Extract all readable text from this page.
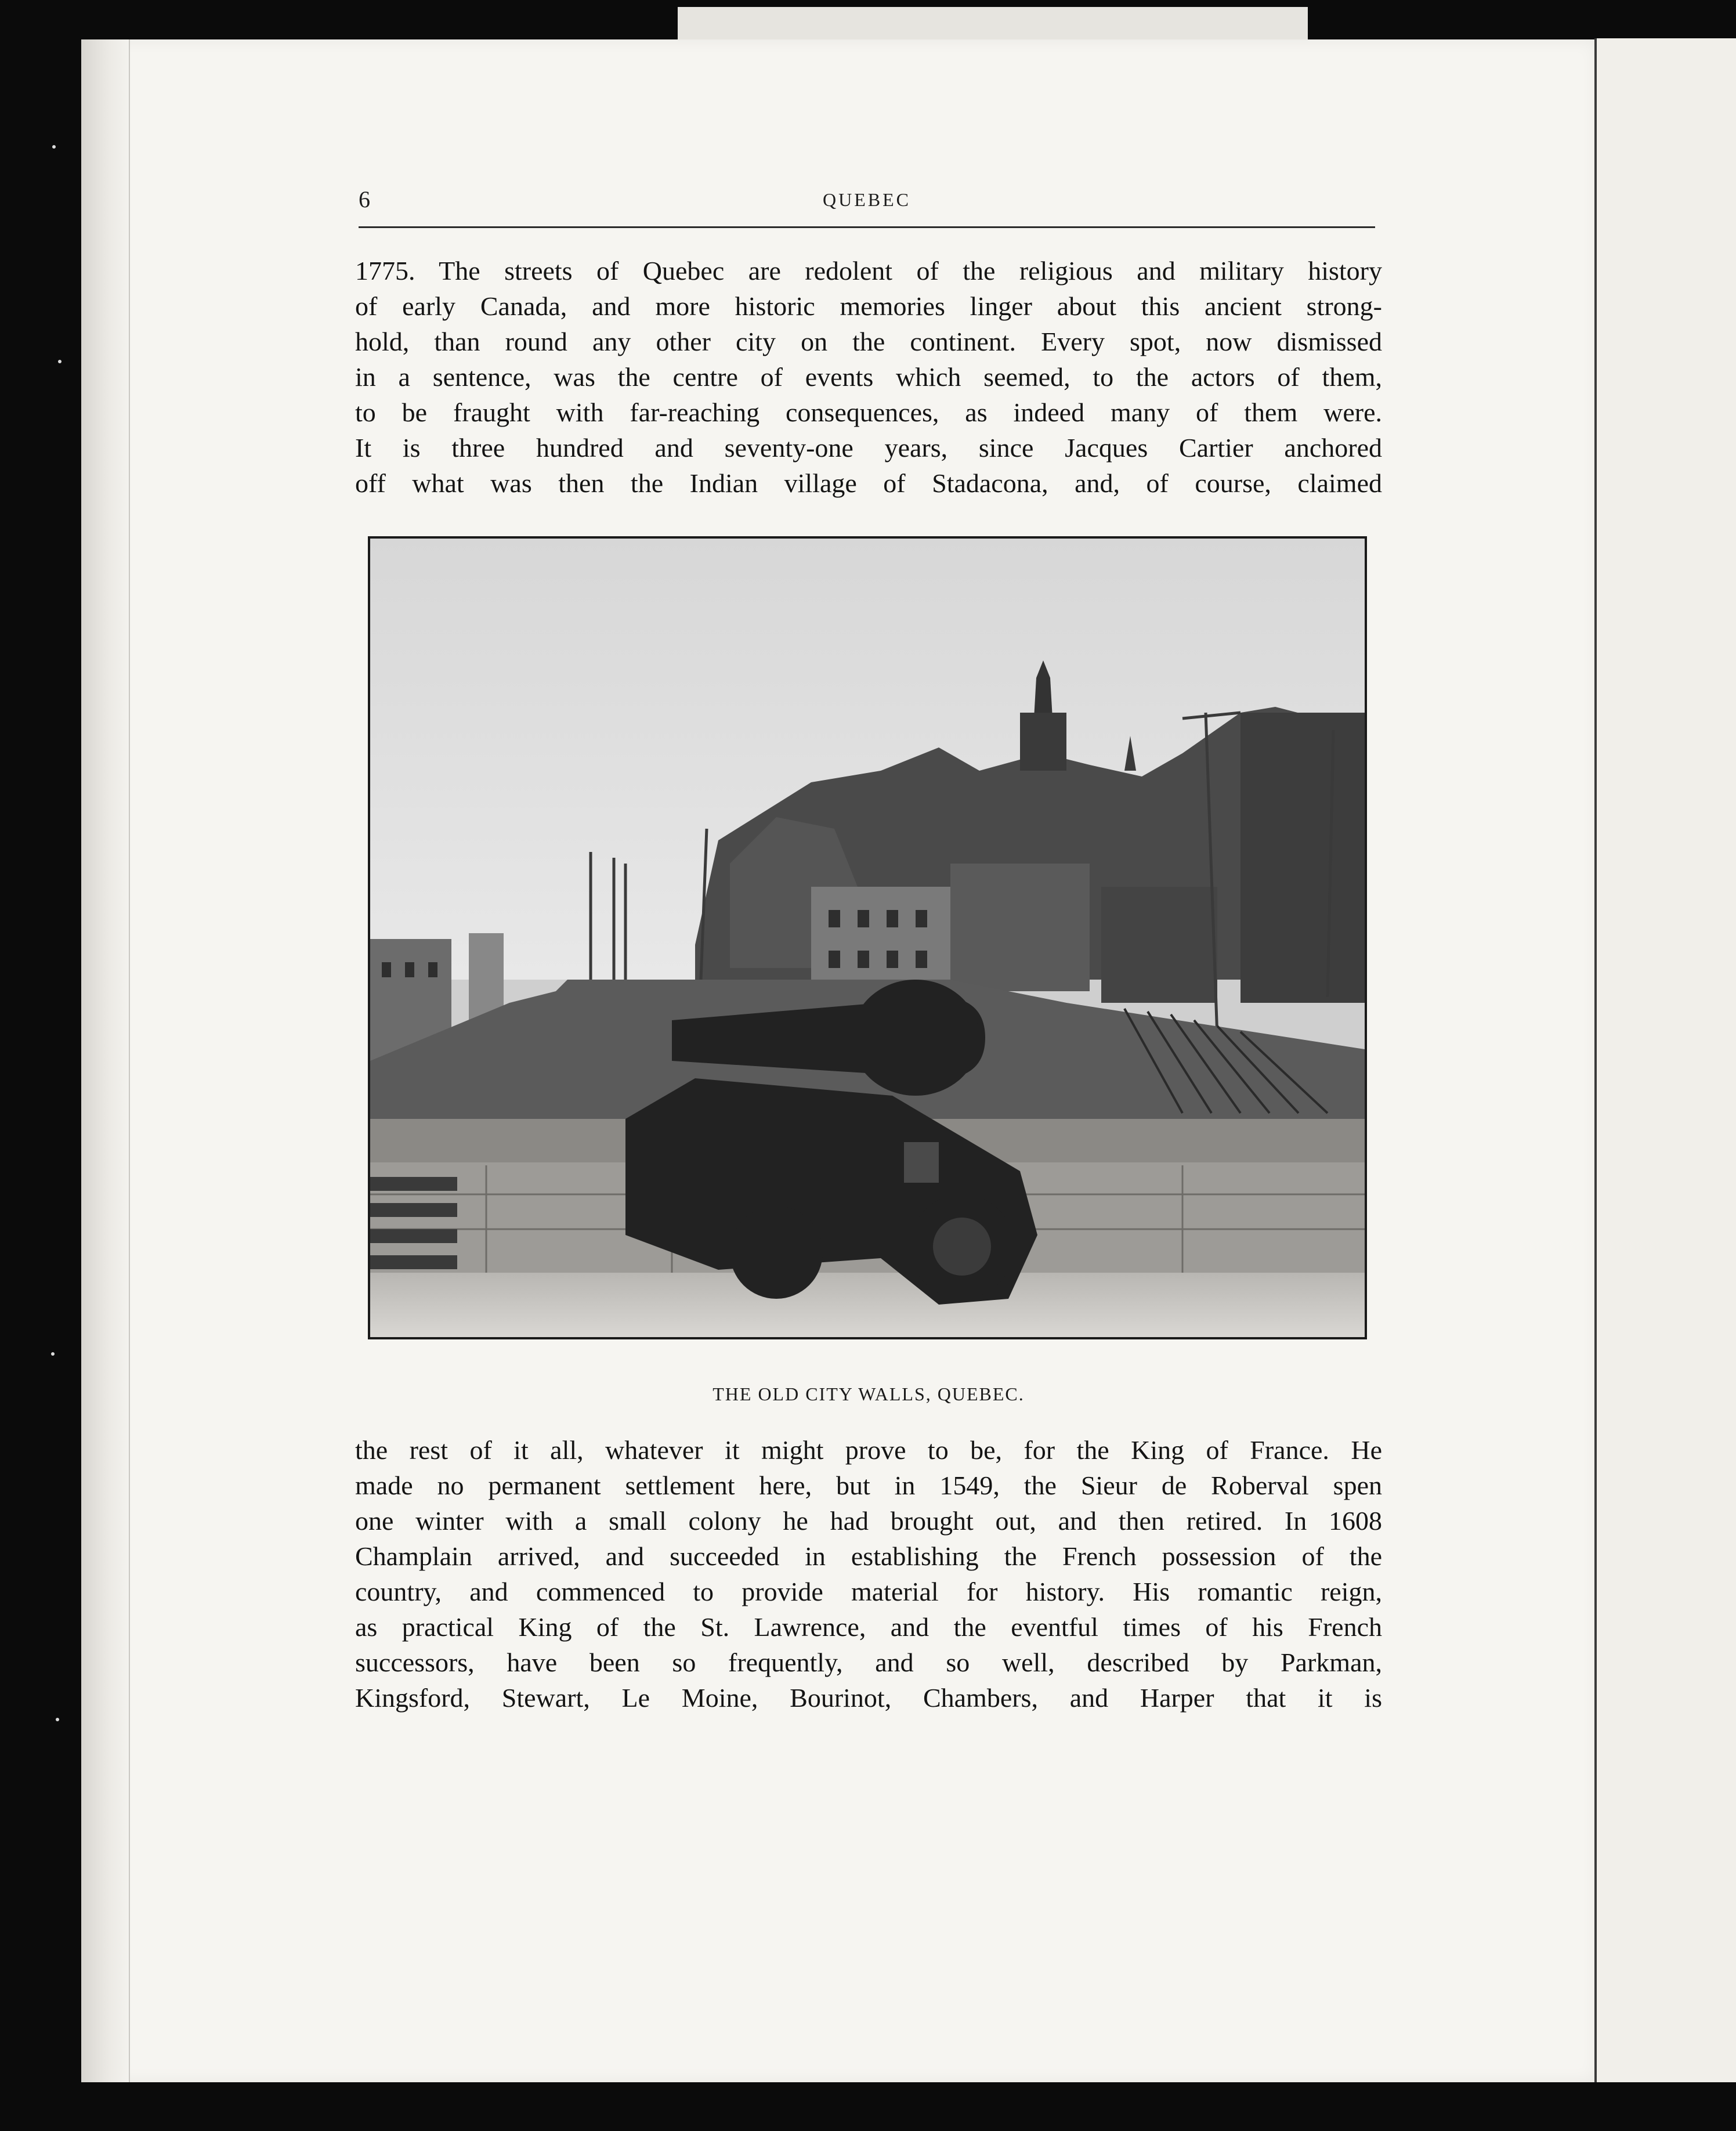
6	QUEBEC
1775. The streets of Quebec are redolent of the religious and military history
of early Canada, and more historic memories linger about this ancient strong-
hold, than round any other city on the continent. Every spot, now dismissed
in a sentence, was the centre of events which seemed, to the actors of them,
to be fraught with far-reaching consequences, as indeed many of them were.
It is three hundred and seventy-one years, since Jacques Cartier anchored
off what was then the Indian village of Stadacona, and, of course, claimed
THE OLD CITY WALLS, QUEBEC.
the rest of it all, whatever it might prove to be, for the King of France. He
made no permanent settlement here, but in 1549, the Sieur de Roberval spen
one winter with a small colony he had brought out, and then retired. In 1608
Champlain arrived, and succeeded in establishing the French possession of the
country, and commenced to provide material for history. His romantic reign,
as practical King of the St. Lawrence, and the eventful times of his French
successors, have been so frequently, and so well, described by Parkman,
Kingsford, Stewart, Le Moine, Bourinot, Chambers, and Harper that it is
